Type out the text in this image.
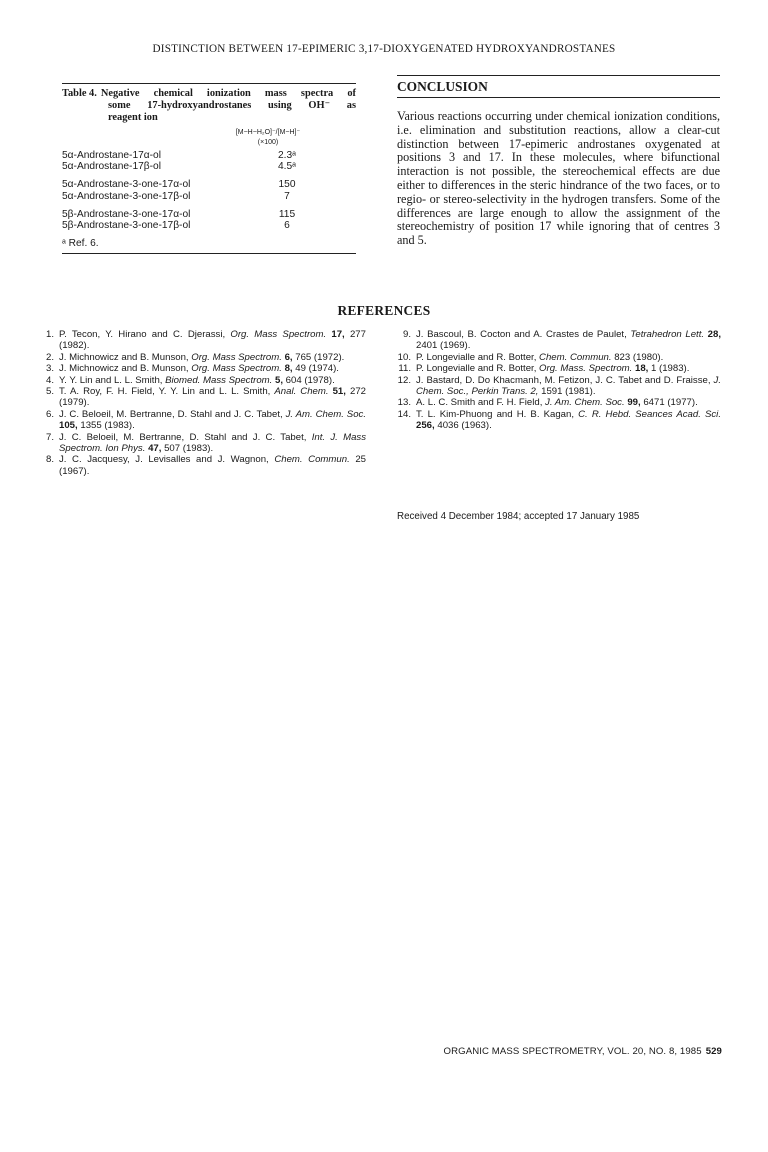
DISTINCTION BETWEEN 17-EPIMERIC 3,17-DIOXYGENATED HYDROXYANDROSTANES
Table 4. Negative chemical ionization mass spectra of
some 17-hydroxyandrostanes using OH⁻ as
reagent ion
[M−H−H₂O]⁻/[M−H]⁻
(×100)
5α-Androstane-17α-ol	2.3ᵃ
5α-Androstane-17β-ol	4.5ᵃ
5α-Androstane-3-one-17α-ol	150
5α-Androstane-3-one-17β-ol	7
5β-Androstane-3-one-17α-ol	115
5β-Androstane-3-one-17β-ol	6
ᵃ Ref. 6.
CONCLUSION
Various reactions occurring under chemical ionization conditions, i.e. elimination and substitution reactions, allow a clear-cut distinction between 17-epimeric androstanes oxygenated at positions 3 and 17. In these molecules, where bifunctional interaction is not possible, the stereochemical effects are due either to differences in the steric hindrance of the two faces, or to regio- or stereo-selectivity in the hydrogen transfers. Some of the differences are large enough to allow the assignment of the stereochemistry of position 17 while ignoring that of centres 3 and 5.
REFERENCES
1. P. Tecon, Y. Hirano and C. Djerassi, Org. Mass Spectrom. 17, 277 (1982).
2. J. Michnowicz and B. Munson, Org. Mass Spectrom. 6, 765 (1972).
3. J. Michnowicz and B. Munson, Org. Mass Spectrom. 8, 49 (1974).
4. Y. Y. Lin and L. L. Smith, Biomed. Mass Spectrom. 5, 604 (1978).
5. T. A. Roy, F. H. Field, Y. Y. Lin and L. L. Smith, Anal. Chem. 51, 272 (1979).
6. J. C. Beloeil, M. Bertranne, D. Stahl and J. C. Tabet, J. Am. Chem. Soc. 105, 1355 (1983).
7. J. C. Beloeil, M. Bertranne, D. Stahl and J. C. Tabet, Int. J. Mass Spectrom. Ion Phys. 47, 507 (1983).
8. J. C. Jacquesy, J. Levisalles and J. Wagnon, Chem. Commun. 25 (1967).
9. J. Bascoul, B. Cocton and A. Crastes de Paulet, Tetrahedron Lett. 28, 2401 (1969).
10. P. Longevialle and R. Botter, Chem. Commun. 823 (1980).
11. P. Longevialle and R. Botter, Org. Mass. Spectrom. 18, 1 (1983).
12. J. Bastard, D. Do Khacmanh, M. Fetizon, J. C. Tabet and D. Fraisse, J. Chem. Soc., Perkin Trans. 2, 1591 (1981).
13. A. L. C. Smith and F. H. Field, J. Am. Chem. Soc. 99, 6471 (1977).
14. T. L. Kim-Phuong and H. B. Kagan, C. R. Hebd. Seances Acad. Sci. 256, 4036 (1963).
Received 4 December 1984; accepted 17 January 1985
ORGANIC MASS SPECTROMETRY, VOL. 20, NO. 8, 1985 529
